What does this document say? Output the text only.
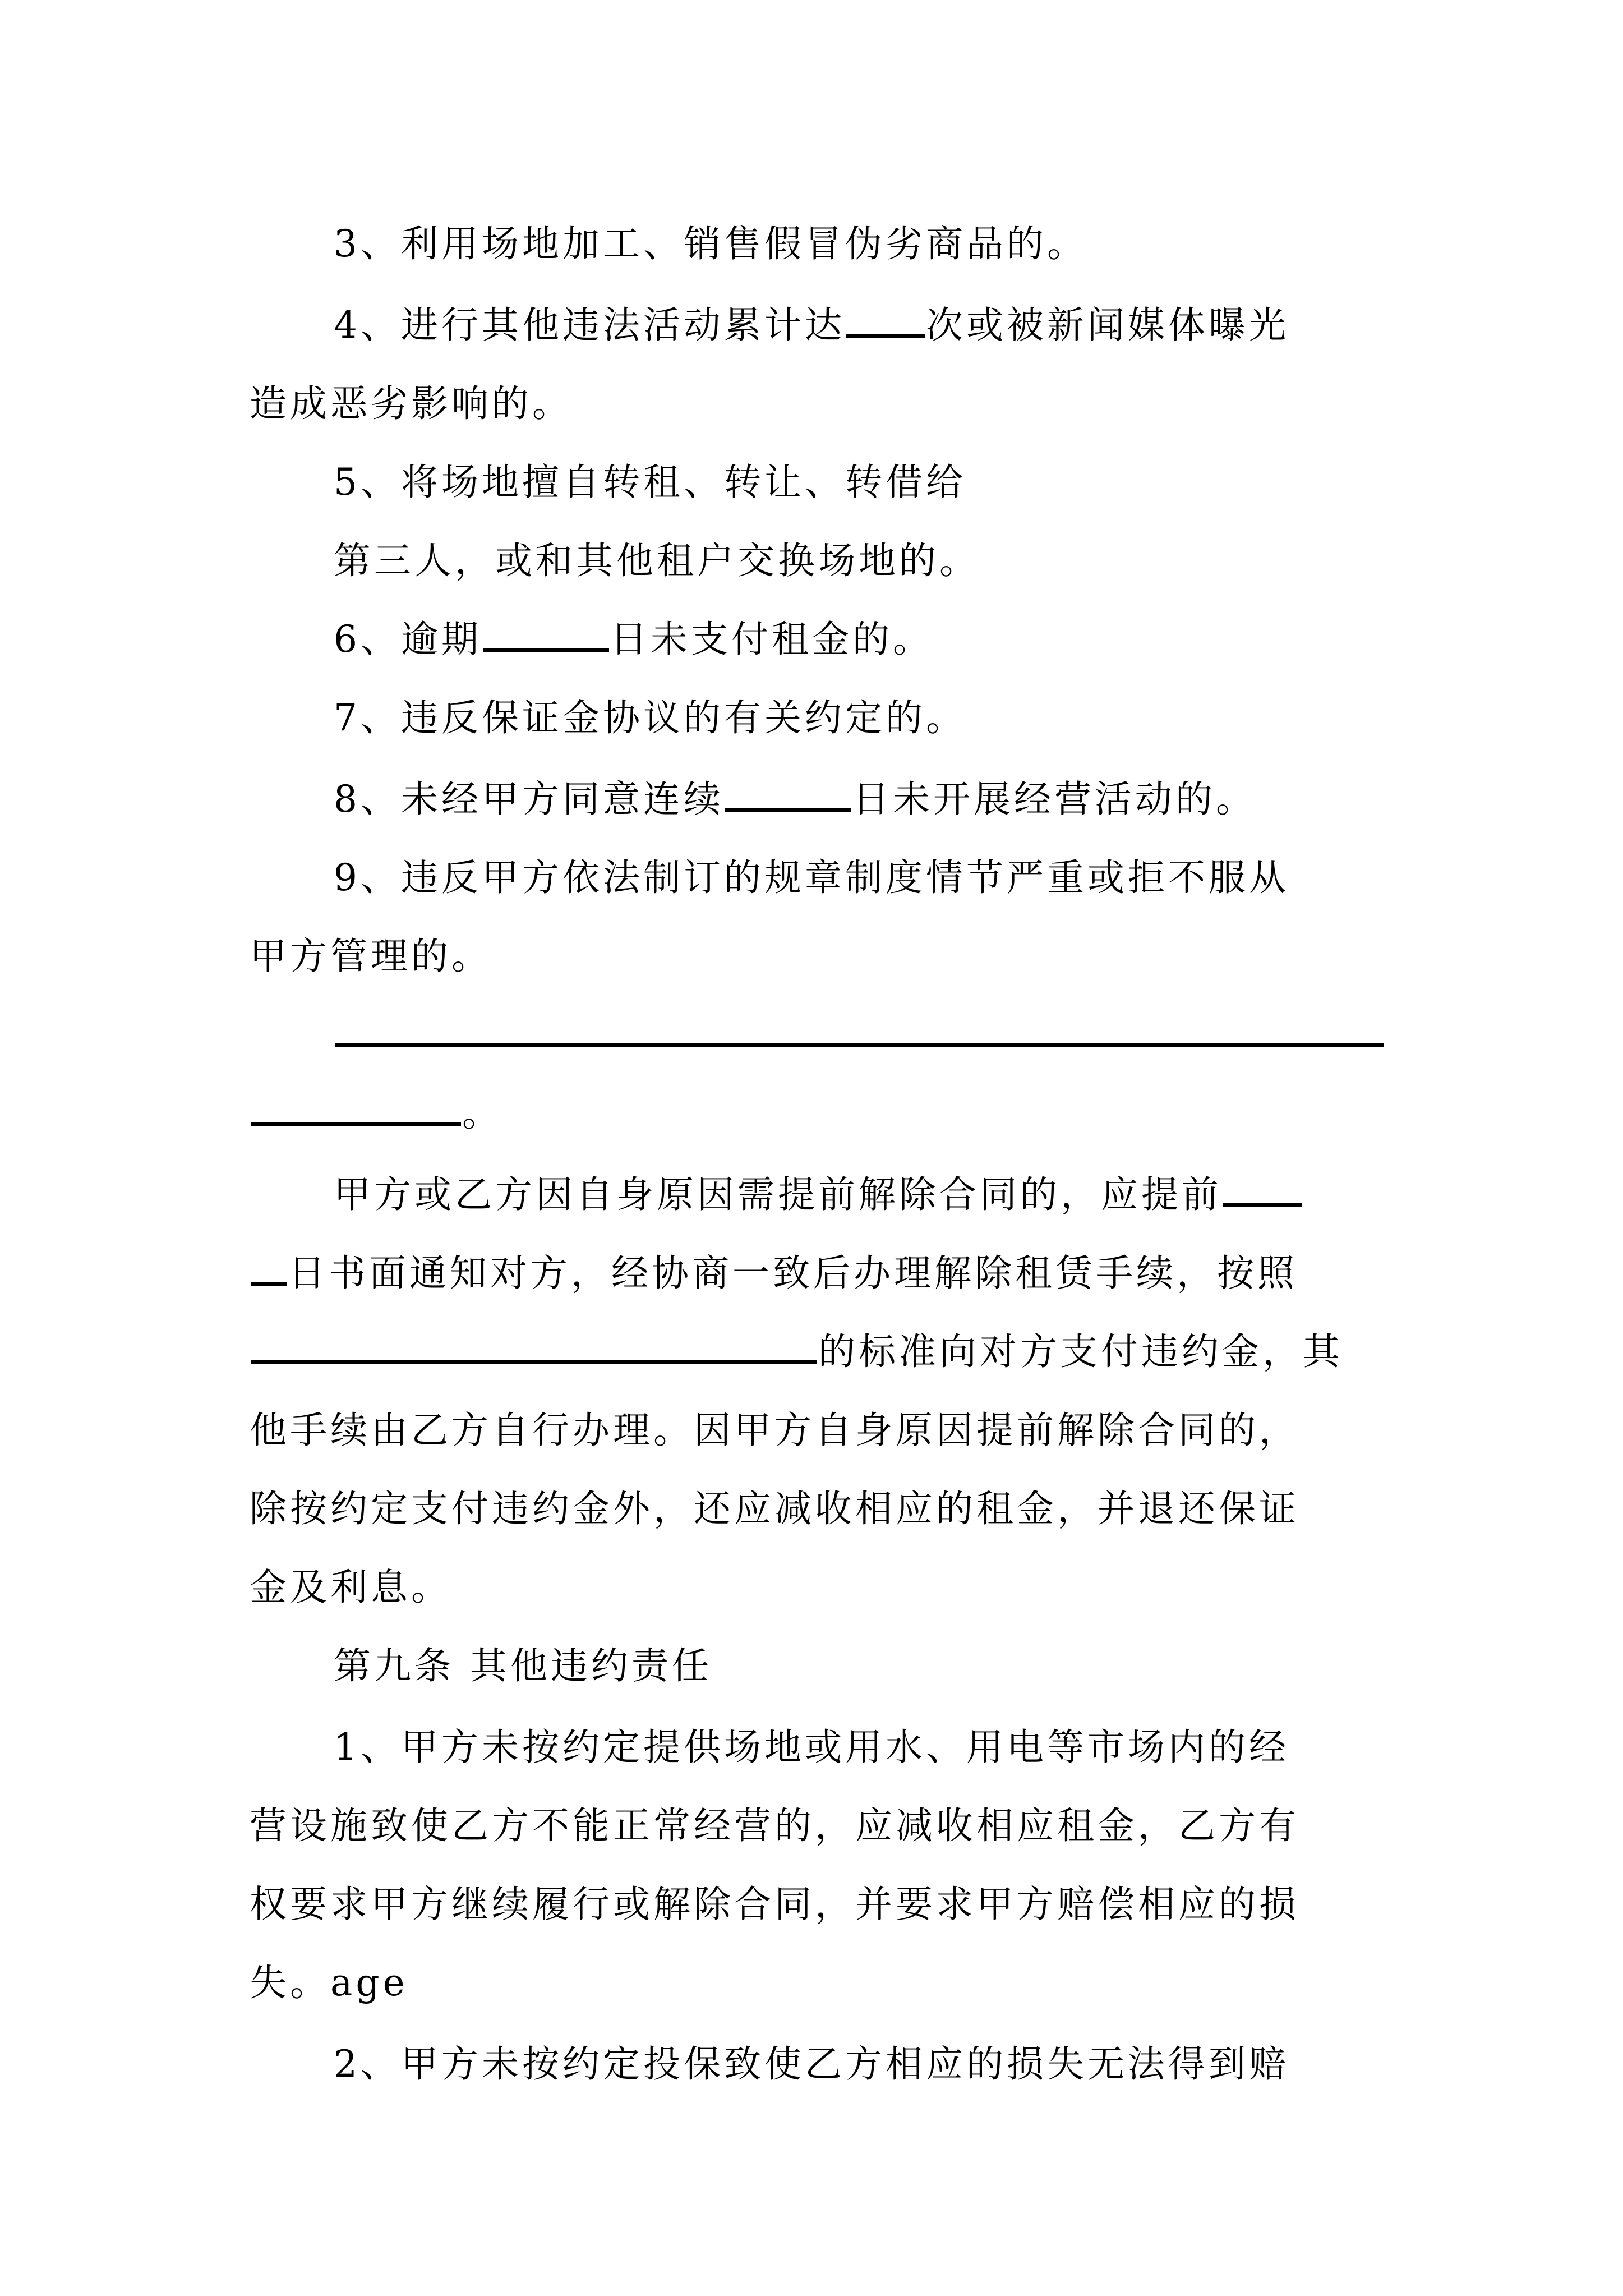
3、利用场地加工、销售假冒伪劣商品的。
4、进行其他违法活动累计达 次或被新闻媒体曝光
造成恶劣影响的。
5、将场地擅自转租、转让、转借给
第三人，或和其他租户交换场地的。
6、逾期	日未支付租金的。
7、违反保证金协议的有关约定的。
8、未经甲方同意连续	日未开展经营活动的。
9、违反甲方依法制订的规章制度情节严重或拒不服从
甲方管理的。
。
甲方或乙方因自身原因需提前解除合同的，应提前
日书面通知对方，经协商一致后办理解除租赁手续，按照
的标准向对方支付违约金，其
他手续由乙方自行办理。因甲方自身原因提前解除合同的，
除按约定支付违约金外，还应减收相应的租金，并退还保证
金及利息。
第九条 其他违约责任
1、甲方未按约定提供场地或用水、用电等市场内的经
营设施致使乙方不能正常经营的，应减收相应租金，乙方有
权要求甲方继续履行或解除合同，并要求甲方赔偿相应的损
失。age
2、甲方未按约定投保致使乙方相应的损失无法得到赔
